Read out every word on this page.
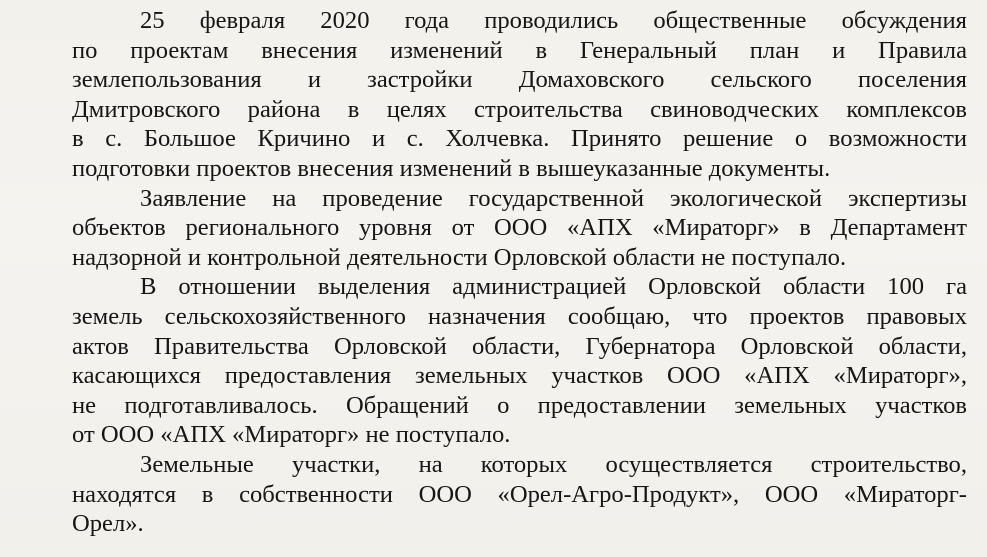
25 февраля 2020 года проводились общественные обсуждения
по проектам внесения изменений в Генеральный план и Правила
землепользования и застройки Домаховского сельского поселения
Дмитровского района в целях строительства свиноводческих комплексов
в с. Большое Кричино и с. Холчевка. Принято решение о возможности
подготовки проектов внесения изменений в вышеуказанные документы.
Заявление на проведение государственной экологической экспертизы
объектов регионального уровня от ООО «АПХ «Мираторг» в Департамент
надзорной и контрольной деятельности Орловской области не поступало.
В отношении выделения администрацией Орловской области 100 га
земель сельскохозяйственного назначения сообщаю, что проектов правовых
актов Правительства Орловской области, Губернатора Орловской области,
касающихся предоставления земельных участков ООО «АПХ «Мираторг»,
не подготавливалось. Обращений о предоставлении земельных участков
от ООО «АПХ «Мираторг» не поступало.
Земельные участки, на которых осуществляется строительство,
находятся в собственности ООО «Орел-Агро-Продукт», ООО «Мираторг-
Орел».
